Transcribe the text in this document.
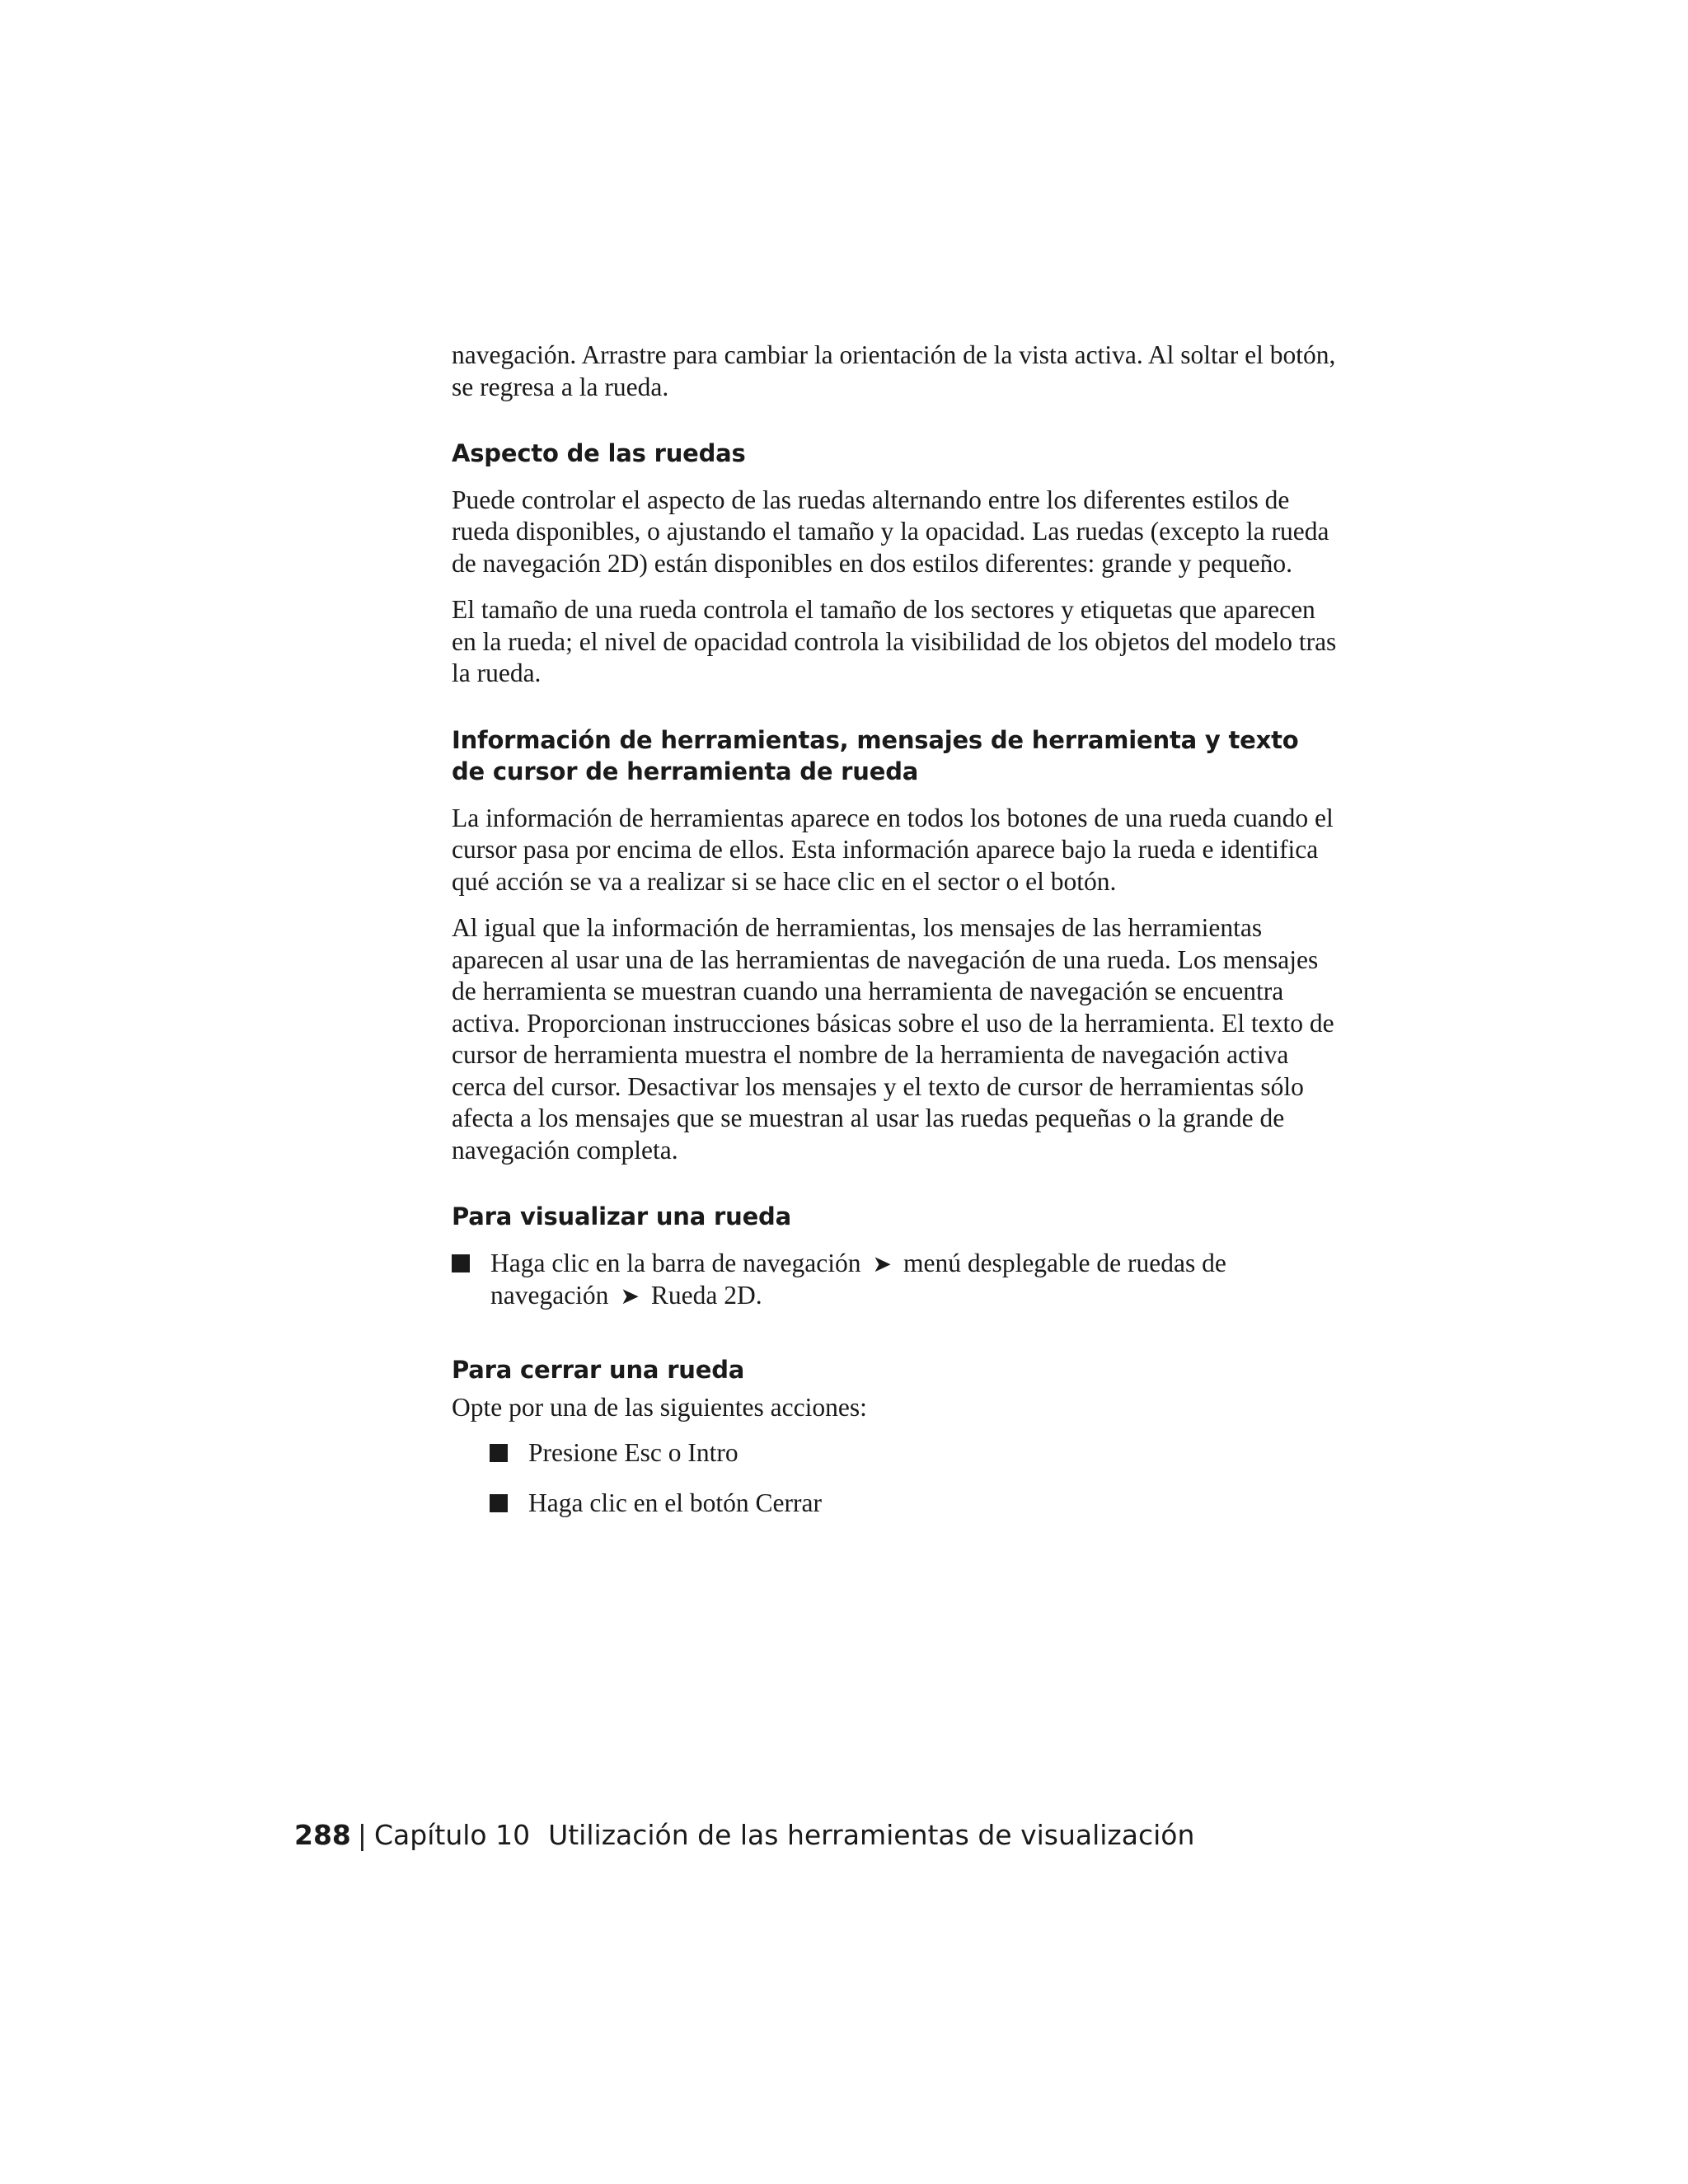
navegación. Arrastre para cambiar la orientación de la vista activa. Al soltar el botón, se regresa a la rueda.

Aspecto de las ruedas

Puede controlar el aspecto de las ruedas alternando entre los diferentes estilos de rueda disponibles, o ajustando el tamaño y la opacidad. Las ruedas (excepto la rueda de navegación 2D) están disponibles en dos estilos diferentes: grande y pequeño.

El tamaño de una rueda controla el tamaño de los sectores y etiquetas que aparecen en la rueda; el nivel de opacidad controla la visibilidad de los objetos del modelo tras la rueda.

Información de herramientas, mensajes de herramienta y texto de cursor de herramienta de rueda

La información de herramientas aparece en todos los botones de una rueda cuando el cursor pasa por encima de ellos. Esta información aparece bajo la rueda e identifica qué acción se va a realizar si se hace clic en el sector o el botón.

Al igual que la información de herramientas, los mensajes de las herramientas aparecen al usar una de las herramientas de navegación de una rueda. Los mensajes de herramienta se muestran cuando una herramienta de navegación se encuentra activa. Proporcionan instrucciones básicas sobre el uso de la herramienta. El texto de cursor de herramienta muestra el nombre de la herramienta de navegación activa cerca del cursor. Desactivar los mensajes y el texto de cursor de herramientas sólo afecta a los mensajes que se muestran al usar las ruedas pequeñas o la grande de navegación completa.

Para visualizar una rueda
Haga clic en la barra de navegación ➤ menú desplegable de ruedas de navegación ➤ Rueda 2D.
Para cerrar una rueda

Opte por una de las siguientes acciones:

Presione Esc o Intro
Haga clic en el botón Cerrar
288 | Capítulo 10 Utilización de las herramientas de visualización
